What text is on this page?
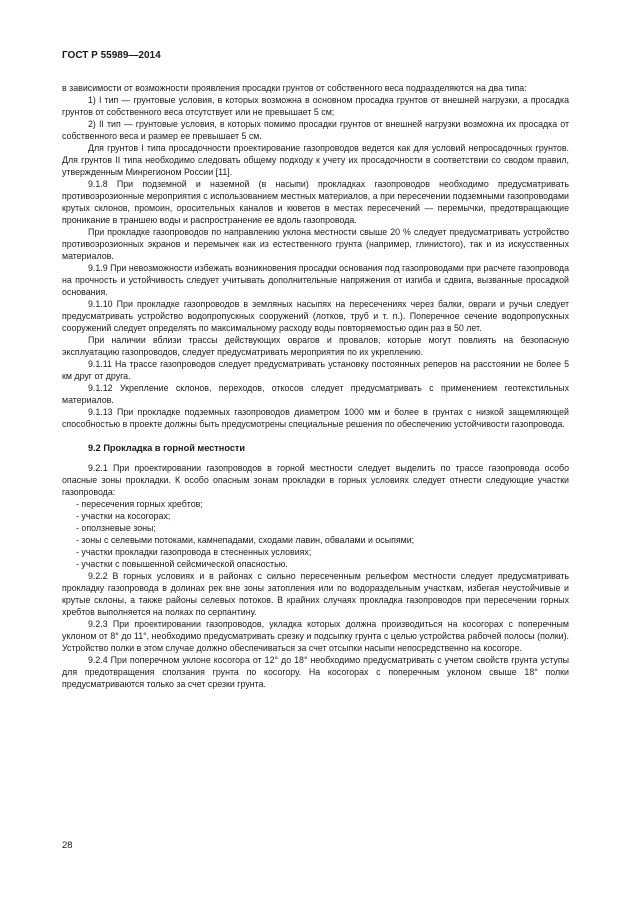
ГОСТ Р 55989—2014

в зависимости от возможности проявления просадки грунтов от собственного веса подразделяются на два типа:

1) I тип — грунтовые условия, в которых возможна в основном просадка грунтов от внешней нагрузки, а просадка грунтов от собственного веса отсутствует или не превышает 5 см;

2) II тип — грунтовые условия, в которых помимо просадки грунтов от внешней нагрузки возможна их просадка от собственного веса и размер ее превышает 5 см.

Для грунтов I типа просадочности проектирование газопроводов ведется как для условий непросадочных грунтов. Для грунтов II типа необходимо следовать общему подходу к учету их просадочности в соответствии со сводом правил, утвержденным Минрегионом России [11].

9.1.8 При подземной и наземной (в насыпи) прокладках газопроводов необходимо предусматривать противоэрозионные мероприятия с использованием местных материалов, а при пересечении подземными газопроводами крутых склонов, промоин, оросительных каналов и кюветов в местах пересечений — перемычки, предотвращающие проникание в траншею воды и распространение ее вдоль газопровода.

При прокладке газопроводов по направлению уклона местности свыше 20 % следует предусматривать устройство противоэрозионных экранов и перемычек как из естественного грунта (например, глинистого), так и из искусственных материалов.

9.1.9 При невозможности избежать возникновения просадки основания под газопроводами при расчете газопровода на прочность и устойчивость следует учитывать дополнительные напряжения от изгиба и сдвига, вызванные просадкой основания.

9.1.10 При прокладке газопроводов в земляных насыпях на пересечениях через балки, овраги и ручьи следует предусматривать устройство водопропускных сооружений (лотков, труб и т. п.). Поперечное сечение водопропускных сооружений следует определять по максимальному расходу воды повторяемостью один раз в 50 лет.

При наличии вблизи трассы действующих оврагов и провалов, которые могут повлиять на безопасную эксплуатацию газопроводов, следует предусматривать мероприятия по их укреплению.

9.1.11 На трассе газопроводов следует предусматривать установку постоянных реперов на расстоянии не более 5 км друг от друга.

9.1.12 Укрепление склонов, переходов, откосов следует предусматривать с применением геотекстильных материалов.

9.1.13 При прокладке подземных газопроводов диаметром 1000 мм и более в грунтах с низкой защемляющей способностью в проекте должны быть предусмотрены специальные решения по обеспечению устойчивости газопровода.

9.2 Прокладка в горной местности

9.2.1 При проектировании газопроводов в горной местности следует выделить по трассе газопровода особо опасные зоны прокладки. К особо опасным зонам прокладки в горных условиях следует отнести следующие участки газопровода:

- пересечения горных хребтов;

- участки на косогорах;

- оползневые зоны;

- зоны с селевыми потоками, камнепадами, сходами лавин, обвалами и осыпями;

- участки прокладки газопровода в стесненных условиях;

- участки с повышенной сейсмической опасностью.

9.2.2 В горных условиях и в районах с сильно пересеченным рельефом местности следует предусматривать прокладку газопровода в долинах рек вне зоны затопления или по водораздельным участкам, избегая неустойчивые и крутые склоны, а также районы селевых потоков. В крайних случаях прокладка газопроводов при пересечении горных хребтов выполняется на полках по серпантину.

9.2.3 При проектировании газопроводов, укладка которых должна производиться на косогорах с поперечным уклоном от 8° до 11°, необходимо предусматривать срезку и подсыпку грунта с целью устройства рабочей полосы (полки). Устройство полки в этом случае должно обеспечиваться за счет отсыпки насыпи непосредственно на косогоре.

9.2.4 При поперечном уклоне косогора от 12° до 18° необходимо предусматривать с учетом свойств грунта уступы для предотвращения сползания грунта по косогору. На косогорах с поперечным уклоном свыше 18° полки предусматриваются только за счет срезки грунта.

28
